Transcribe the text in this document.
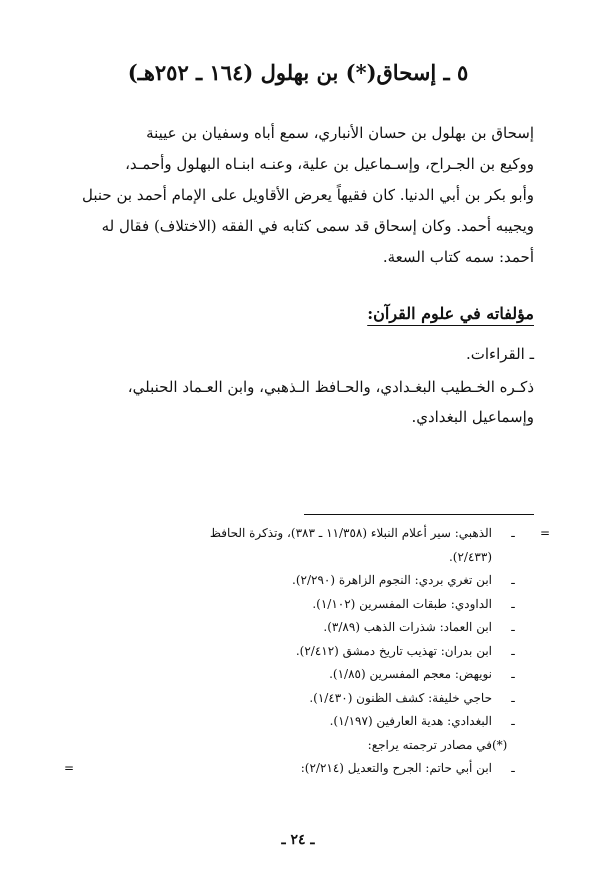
٥ ـ إسحاق(*) بن بهلول (١٦٤ ـ ٢٥٢هـ)

إسحاق بن بهلول بن حسان الأنباري، سمع أباه وسفيان بن عيينة

ووكيع بن الجـراح، وإسـماعيل بن علية، وعنـه ابنـاه البهلول وأحمـد،

وأبو بكر بن أبي الدنيا. كان فقيهاً يعرض الأقاويل على الإمام أحمد بن حنبل

ويجيبه أحمد. وكان إسحاق قد سمى كتابه في الفقه (الاختلاف) فقال له

أحمد: سمه كتاب السعة.

مؤلفاته في علوم القرآن:
ـ القراءات.

ذكـره الخـطيب البغـدادي، والحـافظ الـذهبي، وابن العـماد الحنبلي،

وإسماعيل البغدادي.

=
ـ
الذهبي: سير أعلام النبلاء (١١/٣٥٨ ـ ٣٨٣)، وتذكرة الحافظ
(٢/٤٣٣).
ـ
ابن تغري بردي: النجوم الزاهرة (٢/٢٩٠).
ـ
الداودي: طبقات المفسرين (١/١٠٢).
ـ
ابن العماد: شذرات الذهب (٣/٨٩).
ـ
ابن بدران: تهذيب تاريخ دمشق (٢/٤١٢).
ـ
نويهض: معجم المفسرين (١/٨٥).
ـ
حاجي خليفة: كشف الظنون (١/٤٣٠).
ـ
البغدادي: هدية العارفين (١/١٩٧).
(*)
في مصادر ترجمته يراجع:
ـ
ابن أبي حاتم: الجرح والتعديل (٢/٢١٤):
=
ـ ٢٤ ـ
